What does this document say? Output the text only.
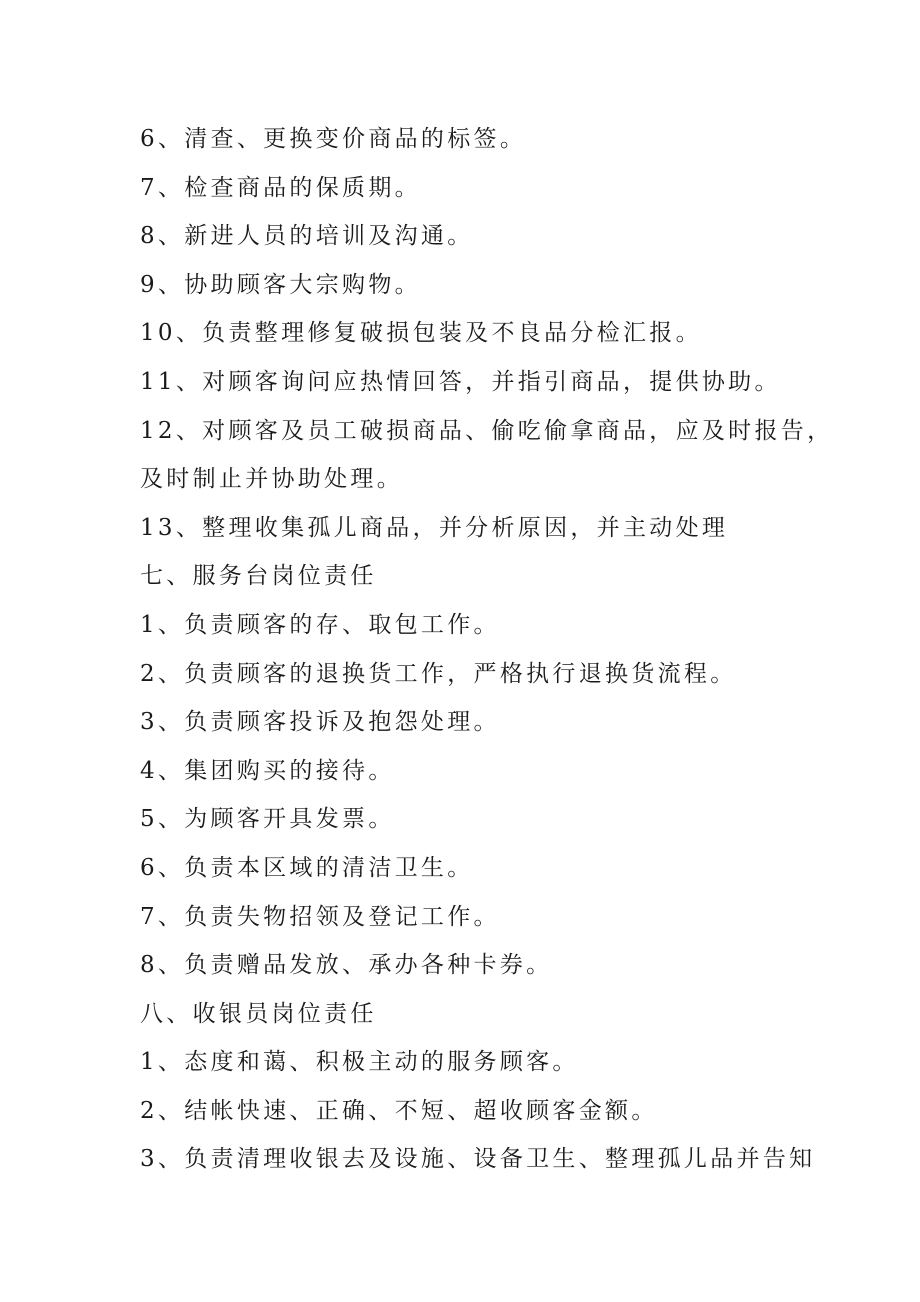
6、清查、更换变价商品的标签。
7、检查商品的保质期。
8、新进人员的培训及沟通。
9、协助顾客大宗购物。
10、负责整理修复破损包装及不良品分检汇报。
11、对顾客询问应热情回答，并指引商品，提供协助。
12、对顾客及员工破损商品、偷吃偷拿商品，应及时报告，
及时制止并协助处理。
13、整理收集孤儿商品，并分析原因，并主动处理
七、服务台岗位责任
1、负责顾客的存、取包工作。
2、负责顾客的退换货工作，严格执行退换货流程。
3、负责顾客投诉及抱怨处理。
4、集团购买的接待。
5、为顾客开具发票。
6、负责本区域的清洁卫生。
7、负责失物招领及登记工作。
8、负责赠品发放、承办各种卡券。
八、收银员岗位责任
1、态度和蔼、积极主动的服务顾客。
2、结帐快速、正确、不短、超收顾客金额。
3、负责清理收银去及设施、设备卫生、整理孤儿品并告知
